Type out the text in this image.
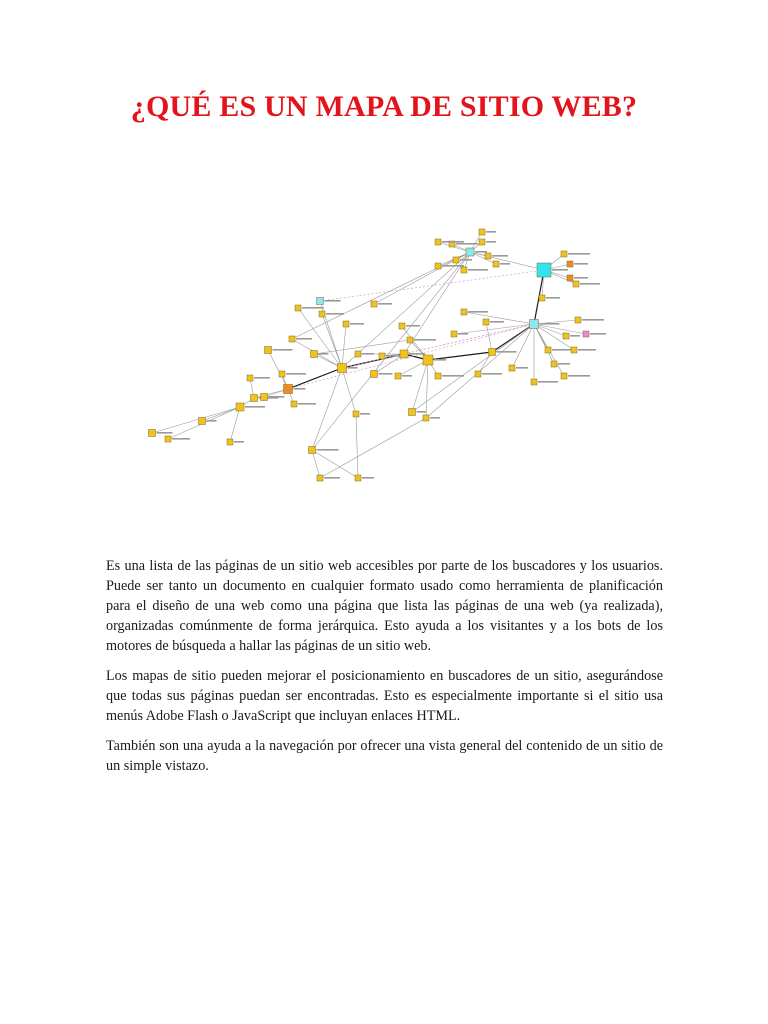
¿QUÉ ES UN MAPA DE SITIO WEB?

Es una lista de las páginas de un sitio web accesibles por parte de los buscadores y los usuarios. Puede ser tanto un documento en cualquier formato usado como herramienta de planificación para el diseño de una web como una página que lista las páginas de una web (ya realizada), organizadas comúnmente de forma jerárquica. Esto ayuda a los visitantes y a los bots de los motores de búsqueda a hallar las páginas de un sitio web.

Los mapas de sitio pueden mejorar el posicionamiento en buscadores de un sitio, asegurándose que todas sus páginas puedan ser encontradas. Esto es especialmente importante si el sitio usa menús Adobe Flash o JavaScript que incluyan enlaces HTML.

También son una ayuda a la navegación por ofrecer una vista general del contenido de un sitio de un simple vistazo.
